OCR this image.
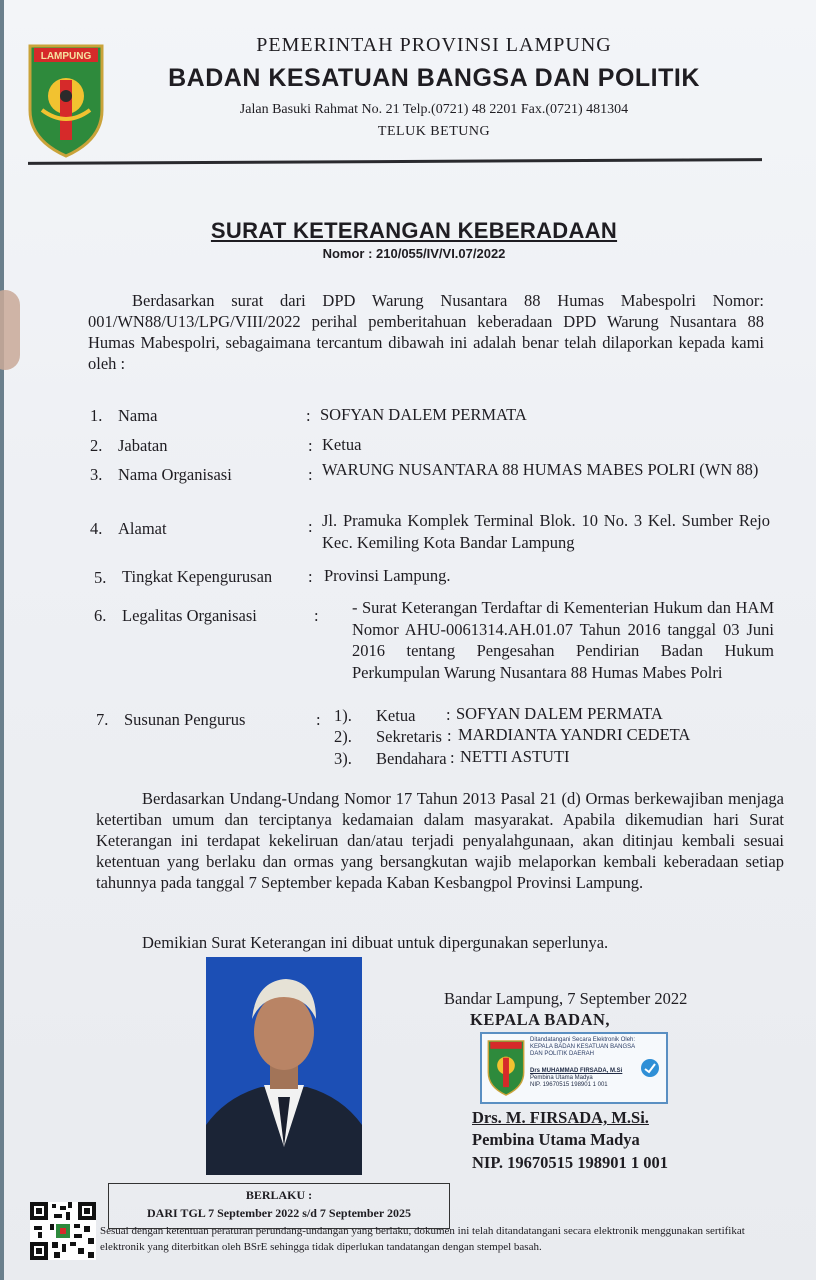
LAMPUNG
PEMERINTAH PROVINSI LAMPUNG
BADAN KESATUAN BANGSA DAN POLITIK
Jalan Basuki Rahmat No. 21 Telp.(0721) 48 2201 Fax.(0721) 481304
TELUK BETUNG
SURAT KETERANGAN KEBERADAAN
Nomor : 210/055/IV/VI.07/2022
Berdasarkan surat dari DPD Warung Nusantara 88 Humas Mabespolri Nomor: 001/WN88/U13/LPG/VIII/2022 perihal pemberitahuan keberadaan DPD Warung Nusantara 88 Humas Mabespolri, sebagaimana tercantum dibawah ini adalah benar telah dilaporkan kepada kami oleh :
1. Nama	: SOFYAN DALEM PERMATA
2. Jabatan	: Ketua
3. Nama Organisasi	: WARUNG NUSANTARA 88 HUMAS MABES POLRI (WN 88)
4. Alamat	: Jl. Pramuka Komplek Terminal Blok. 10 No. 3 Kel. Sumber Rejo Kec. Kemiling Kota Bandar Lampung
5. Tingkat Kepengurusan : Provinsi Lampung.
6. Legalitas Organisasi	: - Surat Keterangan Terdaftar di Kementerian Hukum dan HAM Nomor AHU-0061314.AH.01.07 Tahun 2016 tanggal 03 Juni 2016 tentang Pengesahan Pendirian Badan Hukum Perkumpulan Warung Nusantara 88 Humas Mabes Polri
7. Susunan Pengurus	: 1). Ketua : SOFYAN DALEM PERMATA
2). Sekretaris : MARDIANTA YANDRI CEDETA
3). Bendahara : NETTI ASTUTI
Berdasarkan Undang-Undang Nomor 17 Tahun 2013 Pasal 21 (d) Ormas berkewajiban menjaga ketertiban umum dan terciptanya kedamaian dalam masyarakat. Apabila dikemudian hari Surat Keterangan ini terdapat kekeliruan dan/atau terjadi penyalahgunaan, akan ditinjau kembali sesuai ketentuan yang berlaku dan ormas yang bersangkutan wajib melaporkan kembali keberadaan setiap tahunnya pada tanggal 7 September kepada Kaban Kesbangpol Provinsi Lampung.
Demikian Surat Keterangan ini dibuat untuk dipergunakan seperlunya.
Bandar Lampung, 7 September 2022
KEPALA BADAN,
Ditandatangani Secara Elektronik Oleh:
KEPALA BADAN KESATUAN BANGSA
DAN POLITIK DAERAH
Drs MUHAMMAD FIRSADA, M.Si
Pembina Utama Madya
NIP. 19670515 198901 1 001
Drs. M. FIRSADA, M.Si.
Pembina Utama Madya
NIP. 19670515 198901 1 001
BERLAKU :
DARI TGL 7 September 2022 s/d 7 September 2025
Sesuai dengan ketentuan peraturan perundang-undangan yang berlaku, dokumen ini telah ditandatangani secara elektronik menggunakan sertifikat elektronik yang diterbitkan oleh BSrE sehingga tidak diperlukan tandatangan dengan stempel basah.
